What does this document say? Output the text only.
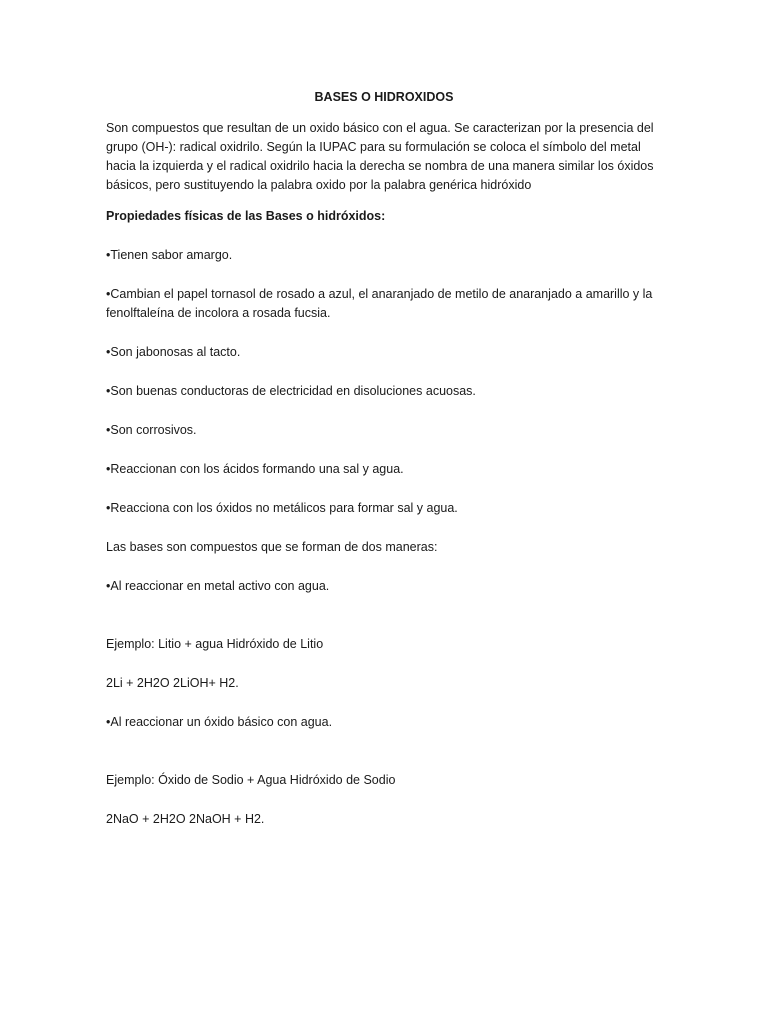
BASES O HIDROXIDOS

Son compuestos que resultan de un oxido básico con el agua. Se caracterizan por la presencia del grupo (OH-): radical oxidrilo. Según la IUPAC para su formulación se coloca el símbolo del metal hacia la izquierda y el radical oxidrilo hacia la derecha se nombra de una manera similar los óxidos básicos, pero sustituyendo la palabra oxido por la palabra genérica hidróxido

Propiedades físicas de las Bases o hidróxidos:

•Tienen sabor amargo.

•Cambian el papel tornasol de rosado a azul, el anaranjado de metilo de anaranjado a amarillo y la fenolftaleína de incolora a rosada fucsia.

•Son jabonosas al tacto.

•Son buenas conductoras de electricidad en disoluciones acuosas.

•Son corrosivos.

•Reaccionan con los ácidos formando una sal y agua.

•Reacciona con los óxidos no metálicos para formar sal y agua.

Las bases son compuestos que se forman de dos maneras:

•Al reaccionar en metal activo con agua.

Ejemplo: Litio + agua Hidróxido de Litio

2Li + 2H2O 2LiOH+ H2.

•Al reaccionar un óxido básico con agua.

Ejemplo: Óxido de Sodio + Agua Hidróxido de Sodio

2NaO + 2H2O 2NaOH + H2.
